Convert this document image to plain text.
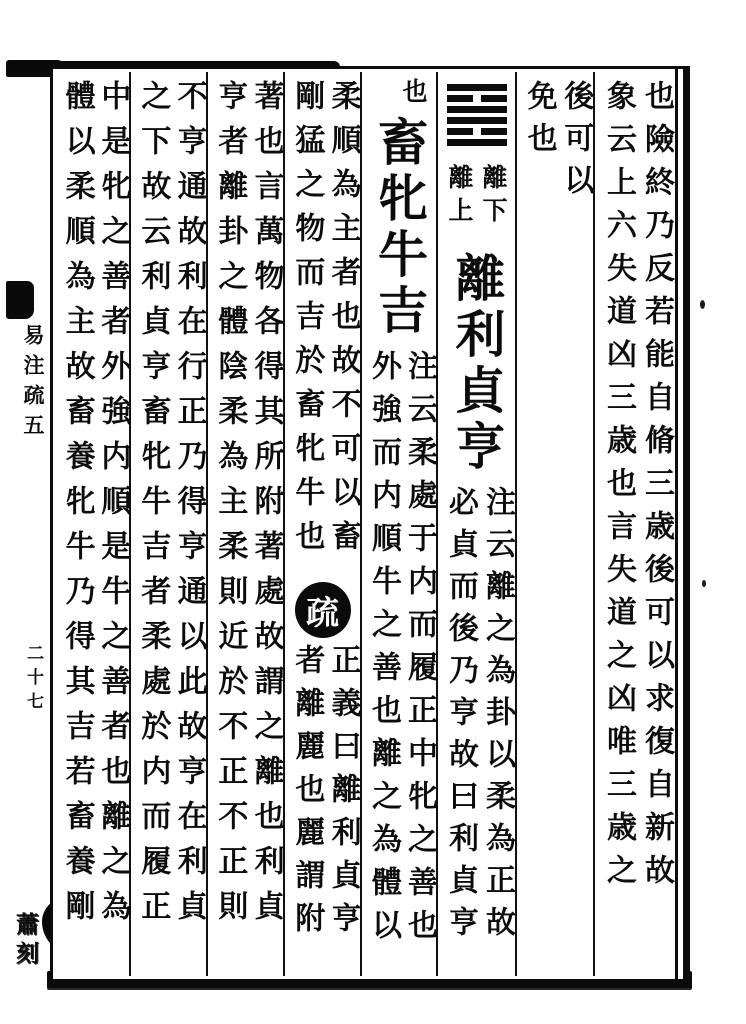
易注疏五
二十七
蕭刻
象云上六失道凶三歳也言失道之凶唯三歳之 也險終乃反若能自脩三歳後可以求復自新故
免也 後可以
離上 離下
離利貞亨
必貞而後乃亨故曰利貞亨 注云離之為卦以柔為正故
也
畜牝牛吉
外強而内順牛之善也離之為體以 注云柔處于内而履正中牝之善也
剛猛之物而吉於畜牝牛也 柔順為主者也故不可以畜
疏
者離麗也麗謂附 正義曰離利貞亨
亨者離卦之體陰柔為主柔則近於不正不正則 著也言萬物各得其所附著處故謂之離也利貞
之下故云利貞亨畜牝牛吉者柔處於内而履正 不亨通故利在行正乃得亨通以此故亨在利貞
體以柔順為主故畜養牝牛乃得其吉若畜養剛 中是牝之善者外強内順是牛之善者也離之為
